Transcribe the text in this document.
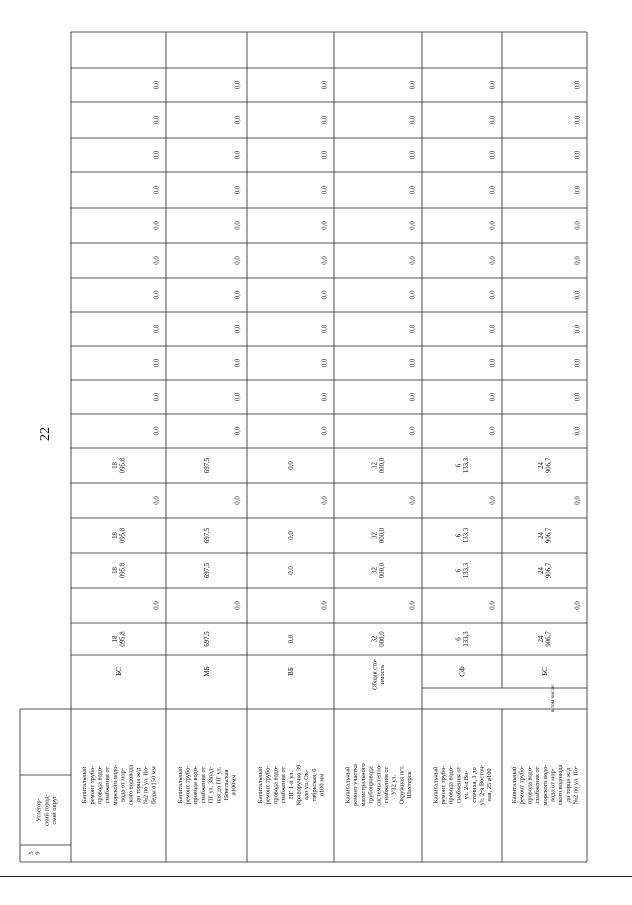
22
Капитальный ремонт трубо- провода водо- снабжения от морского водо- вода от мор- ского водовода до торца ж/д №2 по ул. По- беды ø150 мм
БС
18 095,8
0,0
18 095,8
18 095,8
0,0
18 095,8
0,0
0,0
0,0
0,0
0,0
0,0
0,0
0,0
0,0
0,0
0,0
Капитальный ремонт трубо- провода водо- снабжения от ПГ ул. Запад- ная до ПГ ул. Невельская ø100мм
МБ
697,5
0,0
697,5
697,5
0,0
697,5
0,0
0,0
0,0
0,0
0,0
0,0
0,0
0,0
0,0
0,0
0,0
Капитальный ремонт трубо- провода водо- снабжения от ПГ 1-й ул. Криворучко 39 ало ул. Ок- тябрьская, 6 ø100 мм
ВБ
0,0
0,0
0,0
0,0
0,0
0,0
0,0
0,0
0,0
0,0
0,0
0,0
0,0
0,0
0,0
0,0
0,0
Капитальный ремонт участка магистрального трубопровода системы тепло- снабжения от УЗ2 ул. Окружная пгт. Шахтерск
Общая сто- имость
32 000,0
0,0
32 000,0
32 000,0
0,0
32 000,0
0,0
0,0
0,0
0,0
0,0
0,0
0,0
0,0
0,0
0,0
0,0
Капитальный ремонт трубо- провода водо- снабжения от ул. 2-я Во- сточная, 1 до ул. 2-я Восточ- ная, 25 ø100
СФ
6 133,3
0,0
6 133,3
6 133,3
0,0
6 133,3
0,0
0,0
0,0
0,0
0,0
0,0
0,0
0,0
0,0
0,0
0,0
5 9
Углегор- ский город- ской округ
Капитальный ремонт трубо- провода водо- снабжения от морского водо- вода от мор- ского водовода до торца ж/д №2 по ул. По-
БС
24 906,7
0,0
24 906,7
24 906,7
0,0
24 906,7
0,0
0,0
0,0
0,0
0,0
0,0
0,0
0,0
0,0
0,0
0,0
в том числе:
